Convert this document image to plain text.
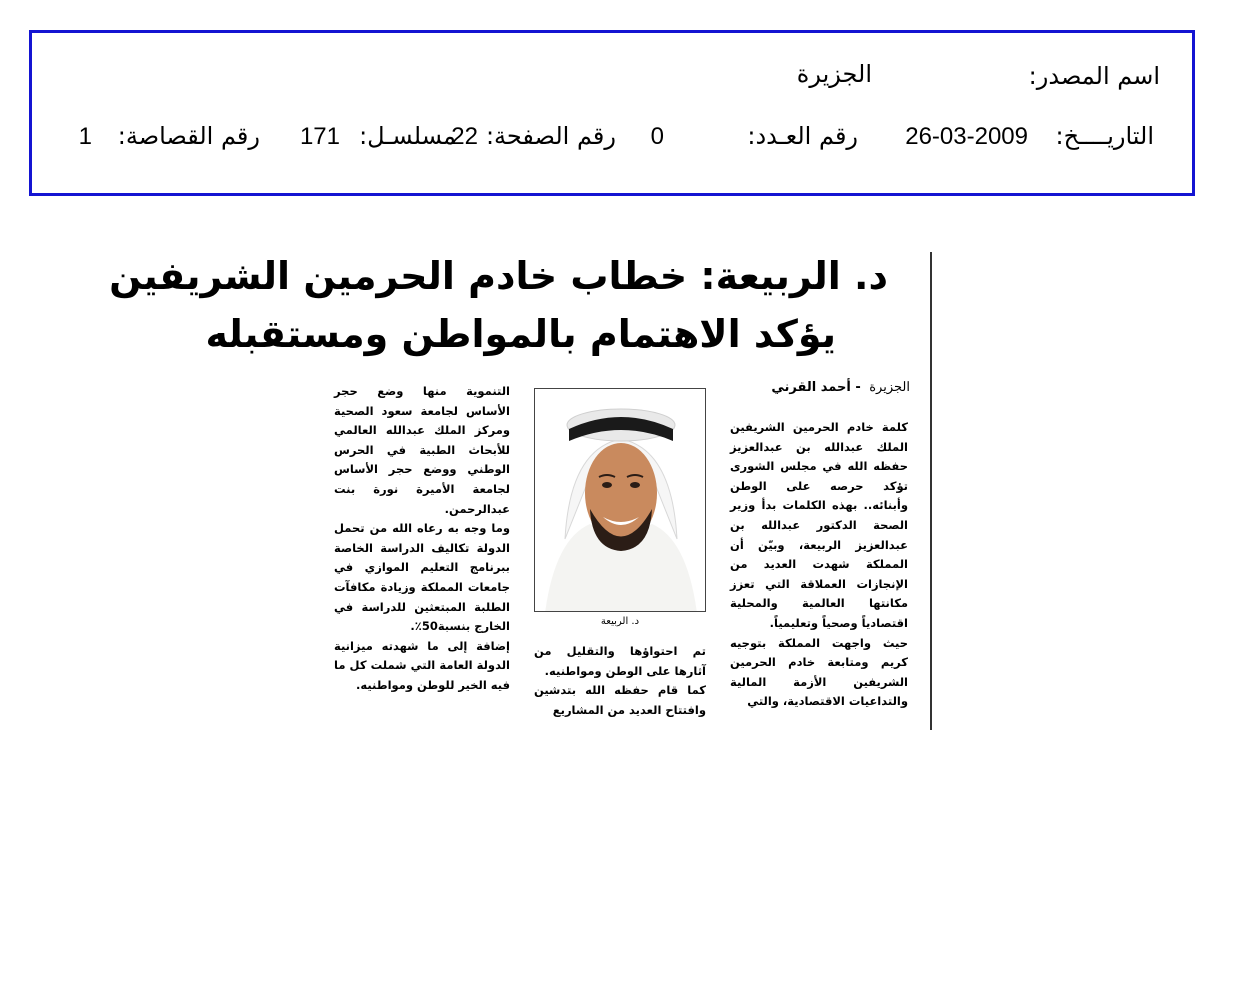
اسم المصدر:
الجزيرة
التاريــــخ:
26-03-2009
رقم العـدد:
0
رقم الصفحة:
22
مسلسـل:
171
رقم القصاصة:
1
د. الربيعة: خطاب خادم الحرمين الشريفين
يؤكد الاهتمام بالمواطن ومستقبله
الجزيرة - أحمد القرني
كلمة خادم الحرمين الشريفين الملك عبدالله بن عبدالعزيز حفظه الله في مجلس الشورى تؤكد حرصه على الوطن وأبنائه.. بهذه الكلمات بدأ وزير الصحة الدكتور عبدالله بن عبدالعزيز الربيعة، وبيّن أن المملكة شهدت العديد من الإنجازات العملاقة التي تعزز مكانتها العالمية والمحلية اقتصادياً وصحياً وتعليمياً.
حيث واجهت المملكة بتوجيه كريم ومتابعة خادم الحرمين الشريفين الأزمة المالية والتداعيات الاقتصادية، والتي
د. الربيعة
تم احتواؤها والتقليل من آثارها على الوطن ومواطنيه.
كما قام حفظه الله بتدشين وافتتاح العديد من المشاريع
التنموية منها وضع حجر الأساس لجامعة سعود الصحية ومركز الملك عبدالله العالمي للأبحاث الطبية في الحرس الوطني ووضع حجر الأساس لجامعة الأميرة نورة بنت عبدالرحمن.
وما وجه به رعاه الله من تحمل الدولة تكاليف الدراسة الخاصة ببرنامج التعليم الموازي في جامعات المملكة وزيادة مكافآت الطلبة المبتعثين للدراسة في الخارج بنسبة50٪.
إضافة إلى ما شهدته ميزانية الدولة العامة التي شملت كل ما فيه الخير للوطن ومواطنيه.
